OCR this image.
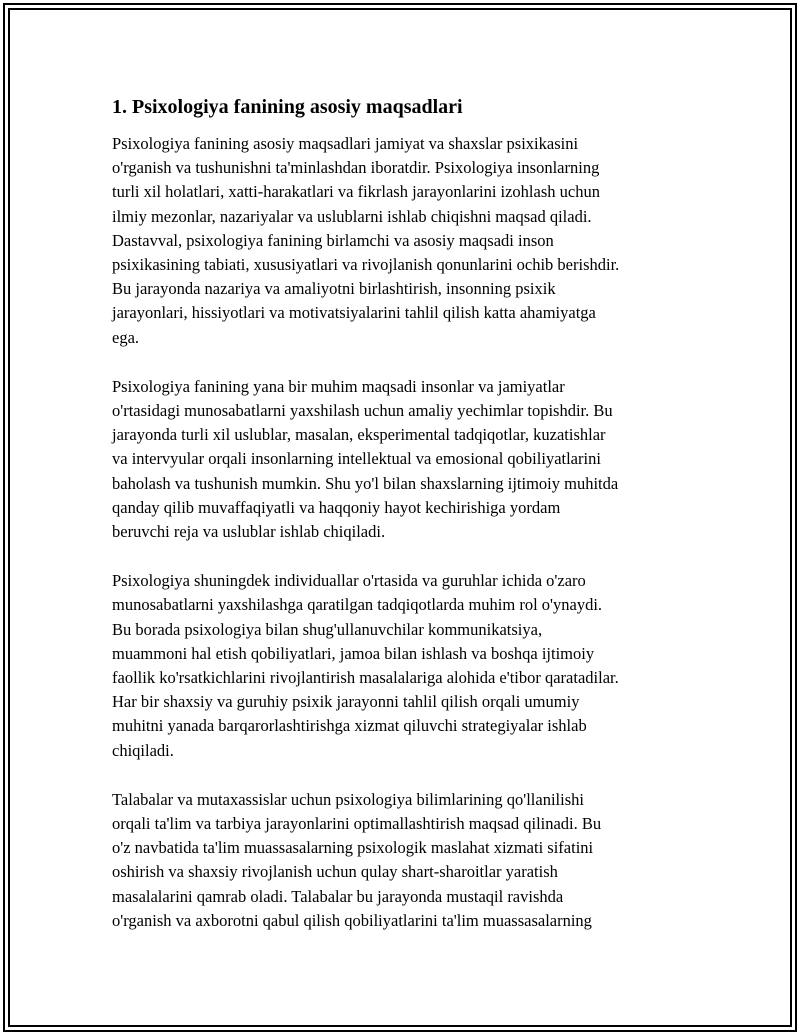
1. Psixologiya fanining asosiy maqsadlari

Psixologiya fanining asosiy maqsadlari jamiyat va shaxslar psixikasini
o'rganish va tushunishni ta'minlashdan iboratdir. Psixologiya insonlarning
turli xil holatlari, xatti-harakatlari va fikrlash jarayonlarini izohlash uchun
ilmiy mezonlar, nazariyalar va uslublarni ishlab chiqishni maqsad qiladi.
Dastavval, psixologiya fanining birlamchi va asosiy maqsadi inson
psixikasining tabiati, xususiyatlari va rivojlanish qonunlarini ochib berishdir.
Bu jarayonda nazariya va amaliyotni birlashtirish, insonning psixik
jarayonlari, hissiyotlari va motivatsiyalarini tahlil qilish katta ahamiyatga
ega.

Psixologiya fanining yana bir muhim maqsadi insonlar va jamiyatlar
o'rtasidagi munosabatlarni yaxshilash uchun amaliy yechimlar topishdir. Bu
jarayonda turli xil uslublar, masalan, eksperimental tadqiqotlar, kuzatishlar
va intervyular orqali insonlarning intellektual va emosional qobiliyatlarini
baholash va tushunish mumkin. Shu yo'l bilan shaxslarning ijtimoiy muhitda
qanday qilib muvaffaqiyatli va haqqoniy hayot kechirishiga yordam
beruvchi reja va uslublar ishlab chiqiladi.

Psixologiya shuningdek individuallar o'rtasida va guruhlar ichida o'zaro
munosabatlarni yaxshilashga qaratilgan tadqiqotlarda muhim rol o'ynaydi.
Bu borada psixologiya bilan shug'ullanuvchilar kommunikatsiya,
muammoni hal etish qobiliyatlari, jamoa bilan ishlash va boshqa ijtimoiy
faollik ko'rsatkichlarini rivojlantirish masalalariga alohida e'tibor qaratadilar.
Har bir shaxsiy va guruhiy psixik jarayonni tahlil qilish orqali umumiy
muhitni yanada barqarorlashtirishga xizmat qiluvchi strategiyalar ishlab
chiqiladi.

Talabalar va mutaxassislar uchun psixologiya bilimlarining qo'llanilishi
orqali ta'lim va tarbiya jarayonlarini optimallashtirish maqsad qilinadi. Bu
o'z navbatida ta'lim muassasalarning psixologik maslahat xizmati sifatini
oshirish va shaxsiy rivojlanish uchun qulay shart-sharoitlar yaratish
masalalarini qamrab oladi. Talabalar bu jarayonda mustaqil ravishda
o'rganish va axborotni qabul qilish qobiliyatlarini ta'lim muassasalarning
